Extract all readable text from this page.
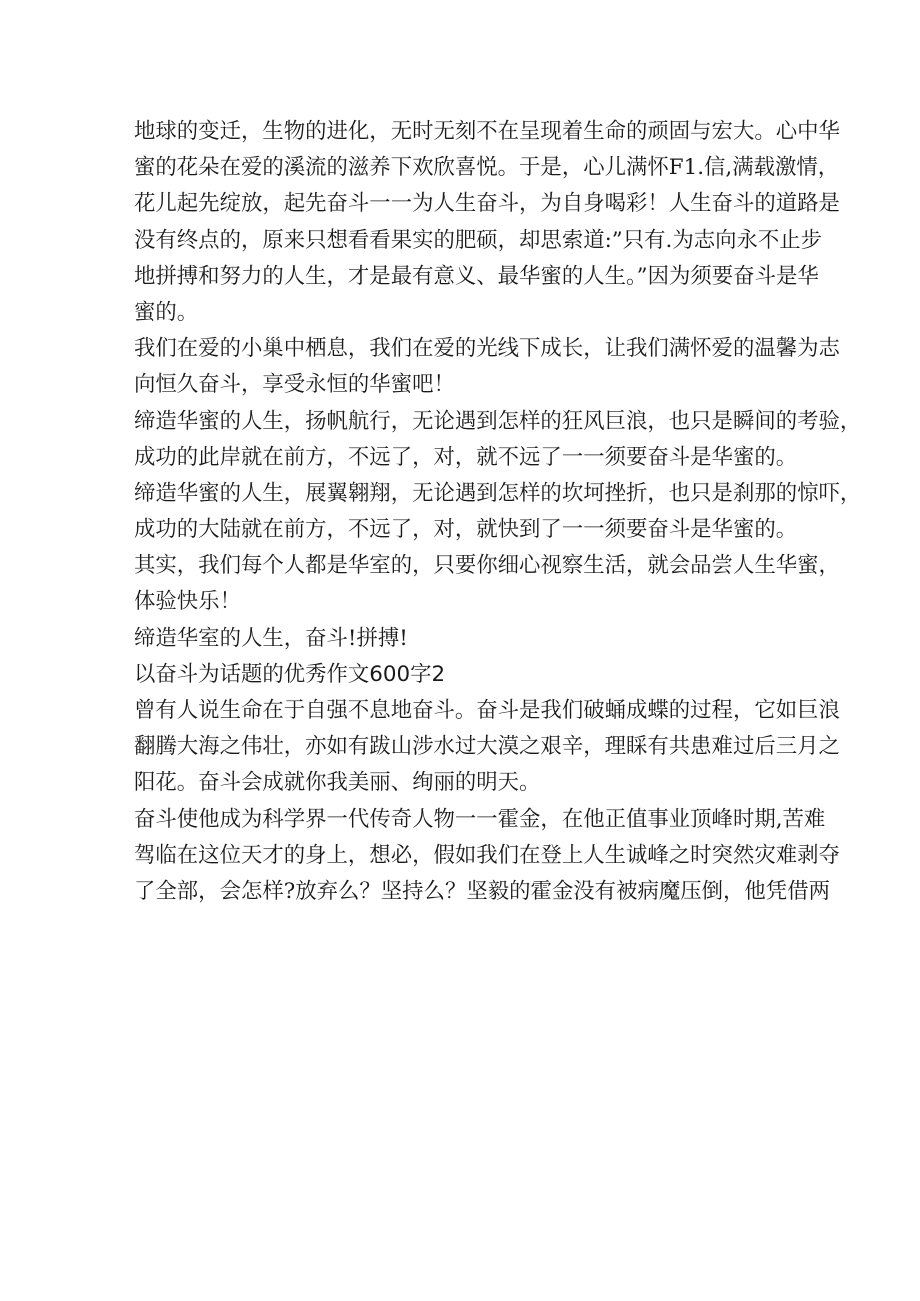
地球的变迁，生物的进化，无时无刻不在呈现着生命的顽固与宏大。心中华
蜜的花朵在爱的溪流的滋养下欢欣喜悦。于是，心儿满怀F1.信,满载激情，
花儿起先绽放，起先奋斗一一为人生奋斗，为自身喝彩！人生奋斗的道路是
没有终点的，原来只想看看果实的肥硕，却思索道:”只有.为志向永不止步
地拼搏和努力的人生，才是最有意义、最华蜜的人生。”因为须要奋斗是华
蜜的。
我们在爱的小巢中栖息，我们在爱的光线下成长，让我们满怀爱的温馨为志
向恒久奋斗，享受永恒的华蜜吧！
缔造华蜜的人生，扬帆航行，无论遇到怎样的狂风巨浪，也只是瞬间的考验，
成功的此岸就在前方，不远了，对，就不远了一一须要奋斗是华蜜的。
缔造华蜜的人生，展翼翱翔，无论遇到怎样的坎坷挫折，也只是刹那的惊吓，
成功的大陆就在前方，不远了，对，就快到了一一须要奋斗是华蜜的。
其实，我们每个人都是华室的，只要你细心视察生活，就会品尝人生华蜜，
体验快乐！
缔造华室的人生，奋斗!拼搏!
以奋斗为话题的优秀作文600字2
曾有人说生命在于自强不息地奋斗。奋斗是我们破蛹成蝶的过程，它如巨浪
翻腾大海之伟壮，亦如有跋山涉水过大漠之艰辛，理睬有共患难过后三月之
阳花。奋斗会成就你我美丽、绚丽的明天。
奋斗使他成为科学界一代传奇人物一一霍金，在他正值事业顶峰时期,苦难
驾临在这位天才的身上，想必，假如我们在登上人生诚峰之时突然灾难剥夺
了全部，会怎样?放弃么？坚持么？坚毅的霍金没有被病魔压倒，他凭借两
